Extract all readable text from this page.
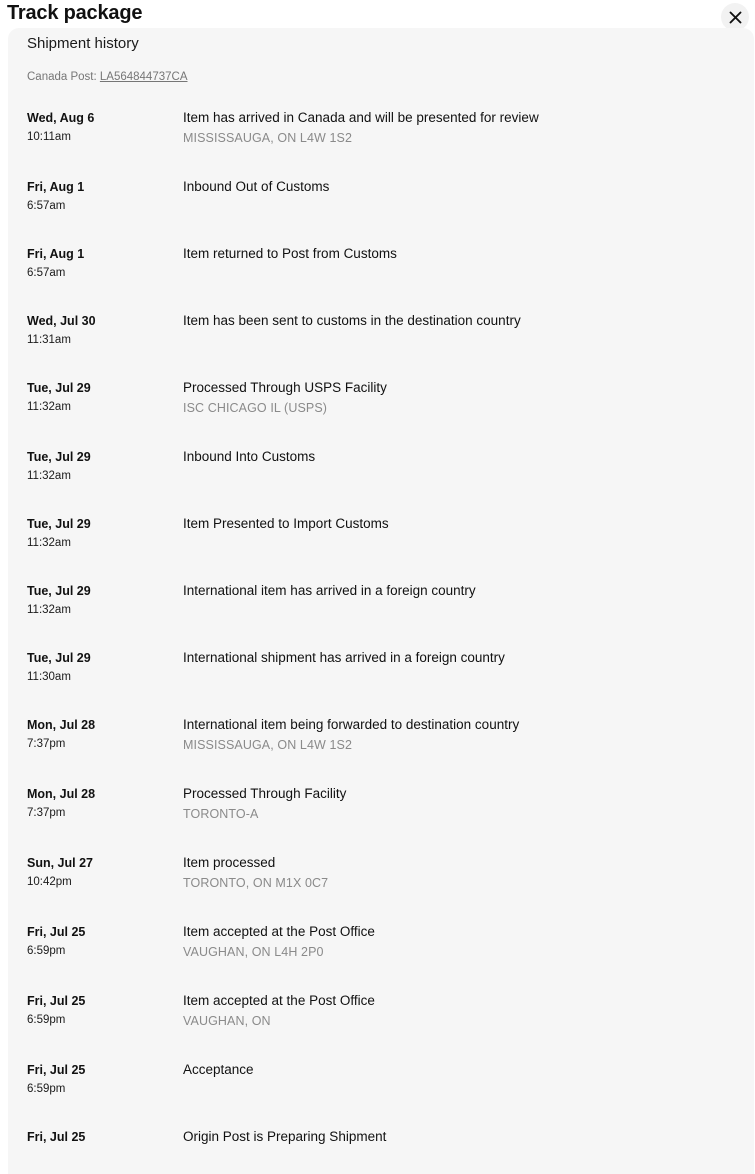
Track package
Shipment history
Canada Post: LA564844737CA
Wed, Aug 6
10:11am
Item has arrived in Canada and will be presented for review
MISSISSAUGA, ON L4W 1S2
Fri, Aug 1
6:57am
Inbound Out of Customs
Fri, Aug 1
6:57am
Item returned to Post from Customs
Wed, Jul 30
11:31am
Item has been sent to customs in the destination country
Tue, Jul 29
11:32am
Processed Through USPS Facility
ISC CHICAGO IL (USPS)
Tue, Jul 29
11:32am
Inbound Into Customs
Tue, Jul 29
11:32am
Item Presented to Import Customs
Tue, Jul 29
11:32am
International item has arrived in a foreign country
Tue, Jul 29
11:30am
International shipment has arrived in a foreign country
Mon, Jul 28
7:37pm
International item being forwarded to destination country
MISSISSAUGA, ON L4W 1S2
Mon, Jul 28
7:37pm
Processed Through Facility
TORONTO-A
Sun, Jul 27
10:42pm
Item processed
TORONTO, ON M1X 0C7
Fri, Jul 25
6:59pm
Item accepted at the Post Office
VAUGHAN, ON L4H 2P0
Fri, Jul 25
6:59pm
Item accepted at the Post Office
VAUGHAN, ON
Fri, Jul 25
6:59pm
Acceptance
Fri, Jul 25	Origin Post is Preparing Shipment
